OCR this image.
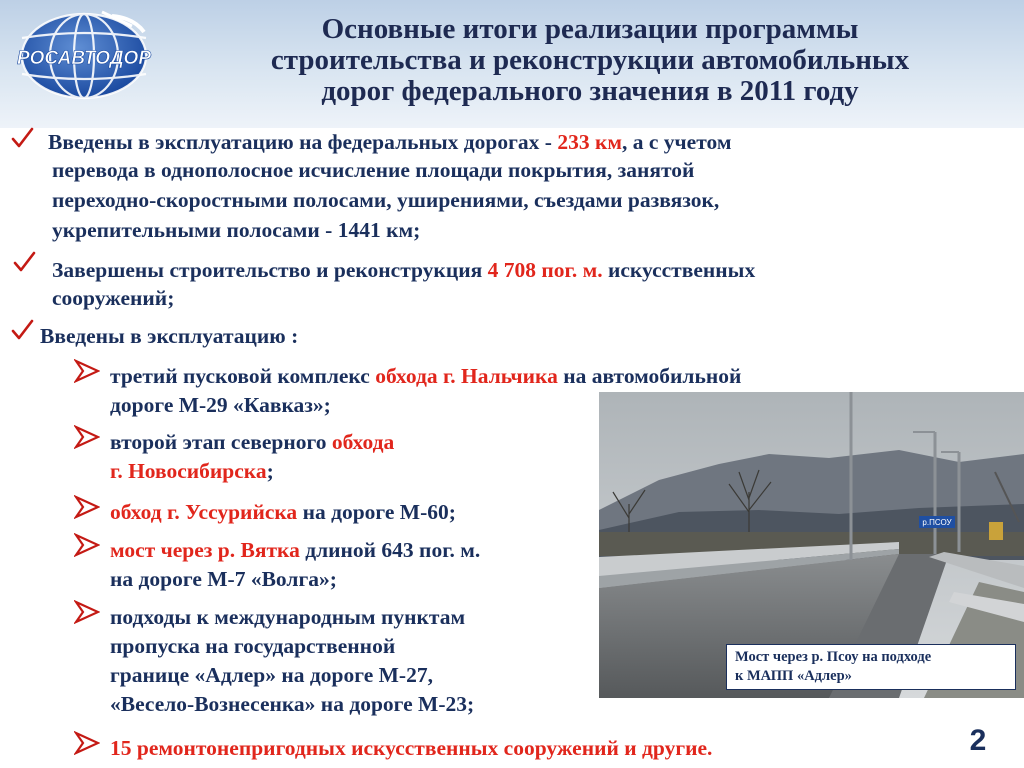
РОСАВТОДОР
Основные итоги реализации программы
строительства и реконструкции автомобильных
дорог федерального значения в 2011 году
Введены в эксплуатацию на федеральных дорогах - 233 км, а с учетом
перевода в однополосное исчисление площади покрытия, занятой
переходно-скоростными полосами, уширениями, съездами развязок,
укрепительными полосами - 1441 км;
Завершены строительство и реконструкция 4 708 пог. м. искусственных
сооружений;
Введены в эксплуатацию :
третий пусковой комплекс обхода г. Нальчика на автомобильной
дороге М-29 «Кавказ»;
второй этап северного обхода
г. Новосибирска;
обход г. Уссурийска на дороге М-60;
мост через р. Вятка длиной 643 пог. м.
на дороге М-7 «Волга»;
подходы к международным пунктам
пропуска на государственной
границе «Адлер» на дороге М-27,
«Весело-Вознесенка» на дороге М-23;
15 ремонтонепригодных искусственных сооружений и другие.
р.ПСОУ
Мост через р. Псоу на подходе
к МАПП «Адлер»
2
